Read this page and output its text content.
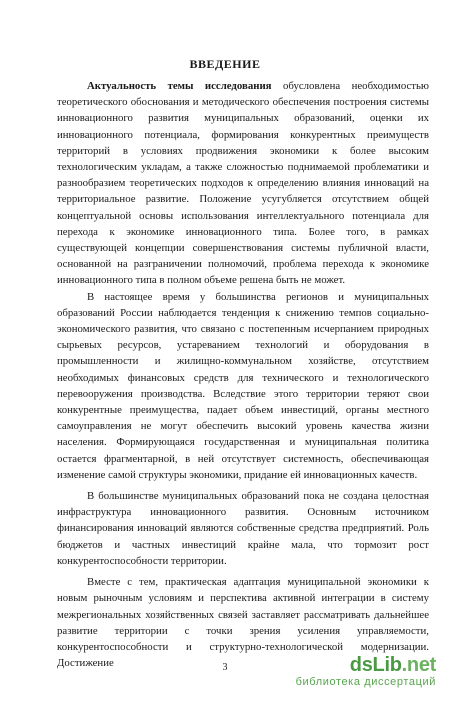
ВВЕДЕНИЕ

Актуальность темы исследования обусловлена необходимостью теоретического обоснования и методического обеспечения построения системы инновационного развития муниципальных образований, оценки их инновационного потенциала, формирования конкурентных преимуществ территорий в условиях продвижения экономики к более высоким технологическим укладам, а также сложностью поднимаемой проблематики и разнообразием теоретических подходов к определению влияния инноваций на территориальное развитие. Положение усугубляется отсутствием общей концептуальной основы использования интеллектуального потенциала для перехода к экономике инновационного типа. Более того, в рамках существующей концепции совершенствования системы публичной власти, основанной на разграничении полномочий, проблема перехода к экономике инновационного типа в полном объеме решена быть не может.

В настоящее время у большинства регионов и муниципальных образований России наблюдается тенденция к снижению темпов социально-экономического развития, что связано с постепенным исчерпанием природных сырьевых ресурсов, устареванием технологий и оборудования в промышленности и жилищно-коммунальном хозяйстве, отсутствием необходимых финансовых средств для технического и технологического перевооружения производства. Вследствие этого территории теряют свои конкурентные преимущества, падает объем инвестиций, органы местного самоуправления не могут обеспечить высокий уровень качества жизни населения. Формирующаяся государственная и муниципальная политика остается фрагментарной, в ней отсутствует системность, обеспечивающая изменение самой структуры экономики, придание ей инновационных качеств.

В большинстве муниципальных образований пока не создана целостная инфраструктура инновационного развития. Основным источником финансирования инноваций являются собственные средства предприятий. Роль бюджетов и частных инвестиций крайне мала, что тормозит рост конкурентоспособности территории.

Вместе с тем, практическая адаптация муниципальной экономики к новым рыночным условиям и перспектива активной интеграции в систему межрегиональных хозяйственных связей заставляет рассматривать дальнейшее развитие территории с точки зрения усиления управляемости, конкурентоспособности и структурно-технологической модернизации. Достижение	3	dsLib.net
библиотека диссертаций
